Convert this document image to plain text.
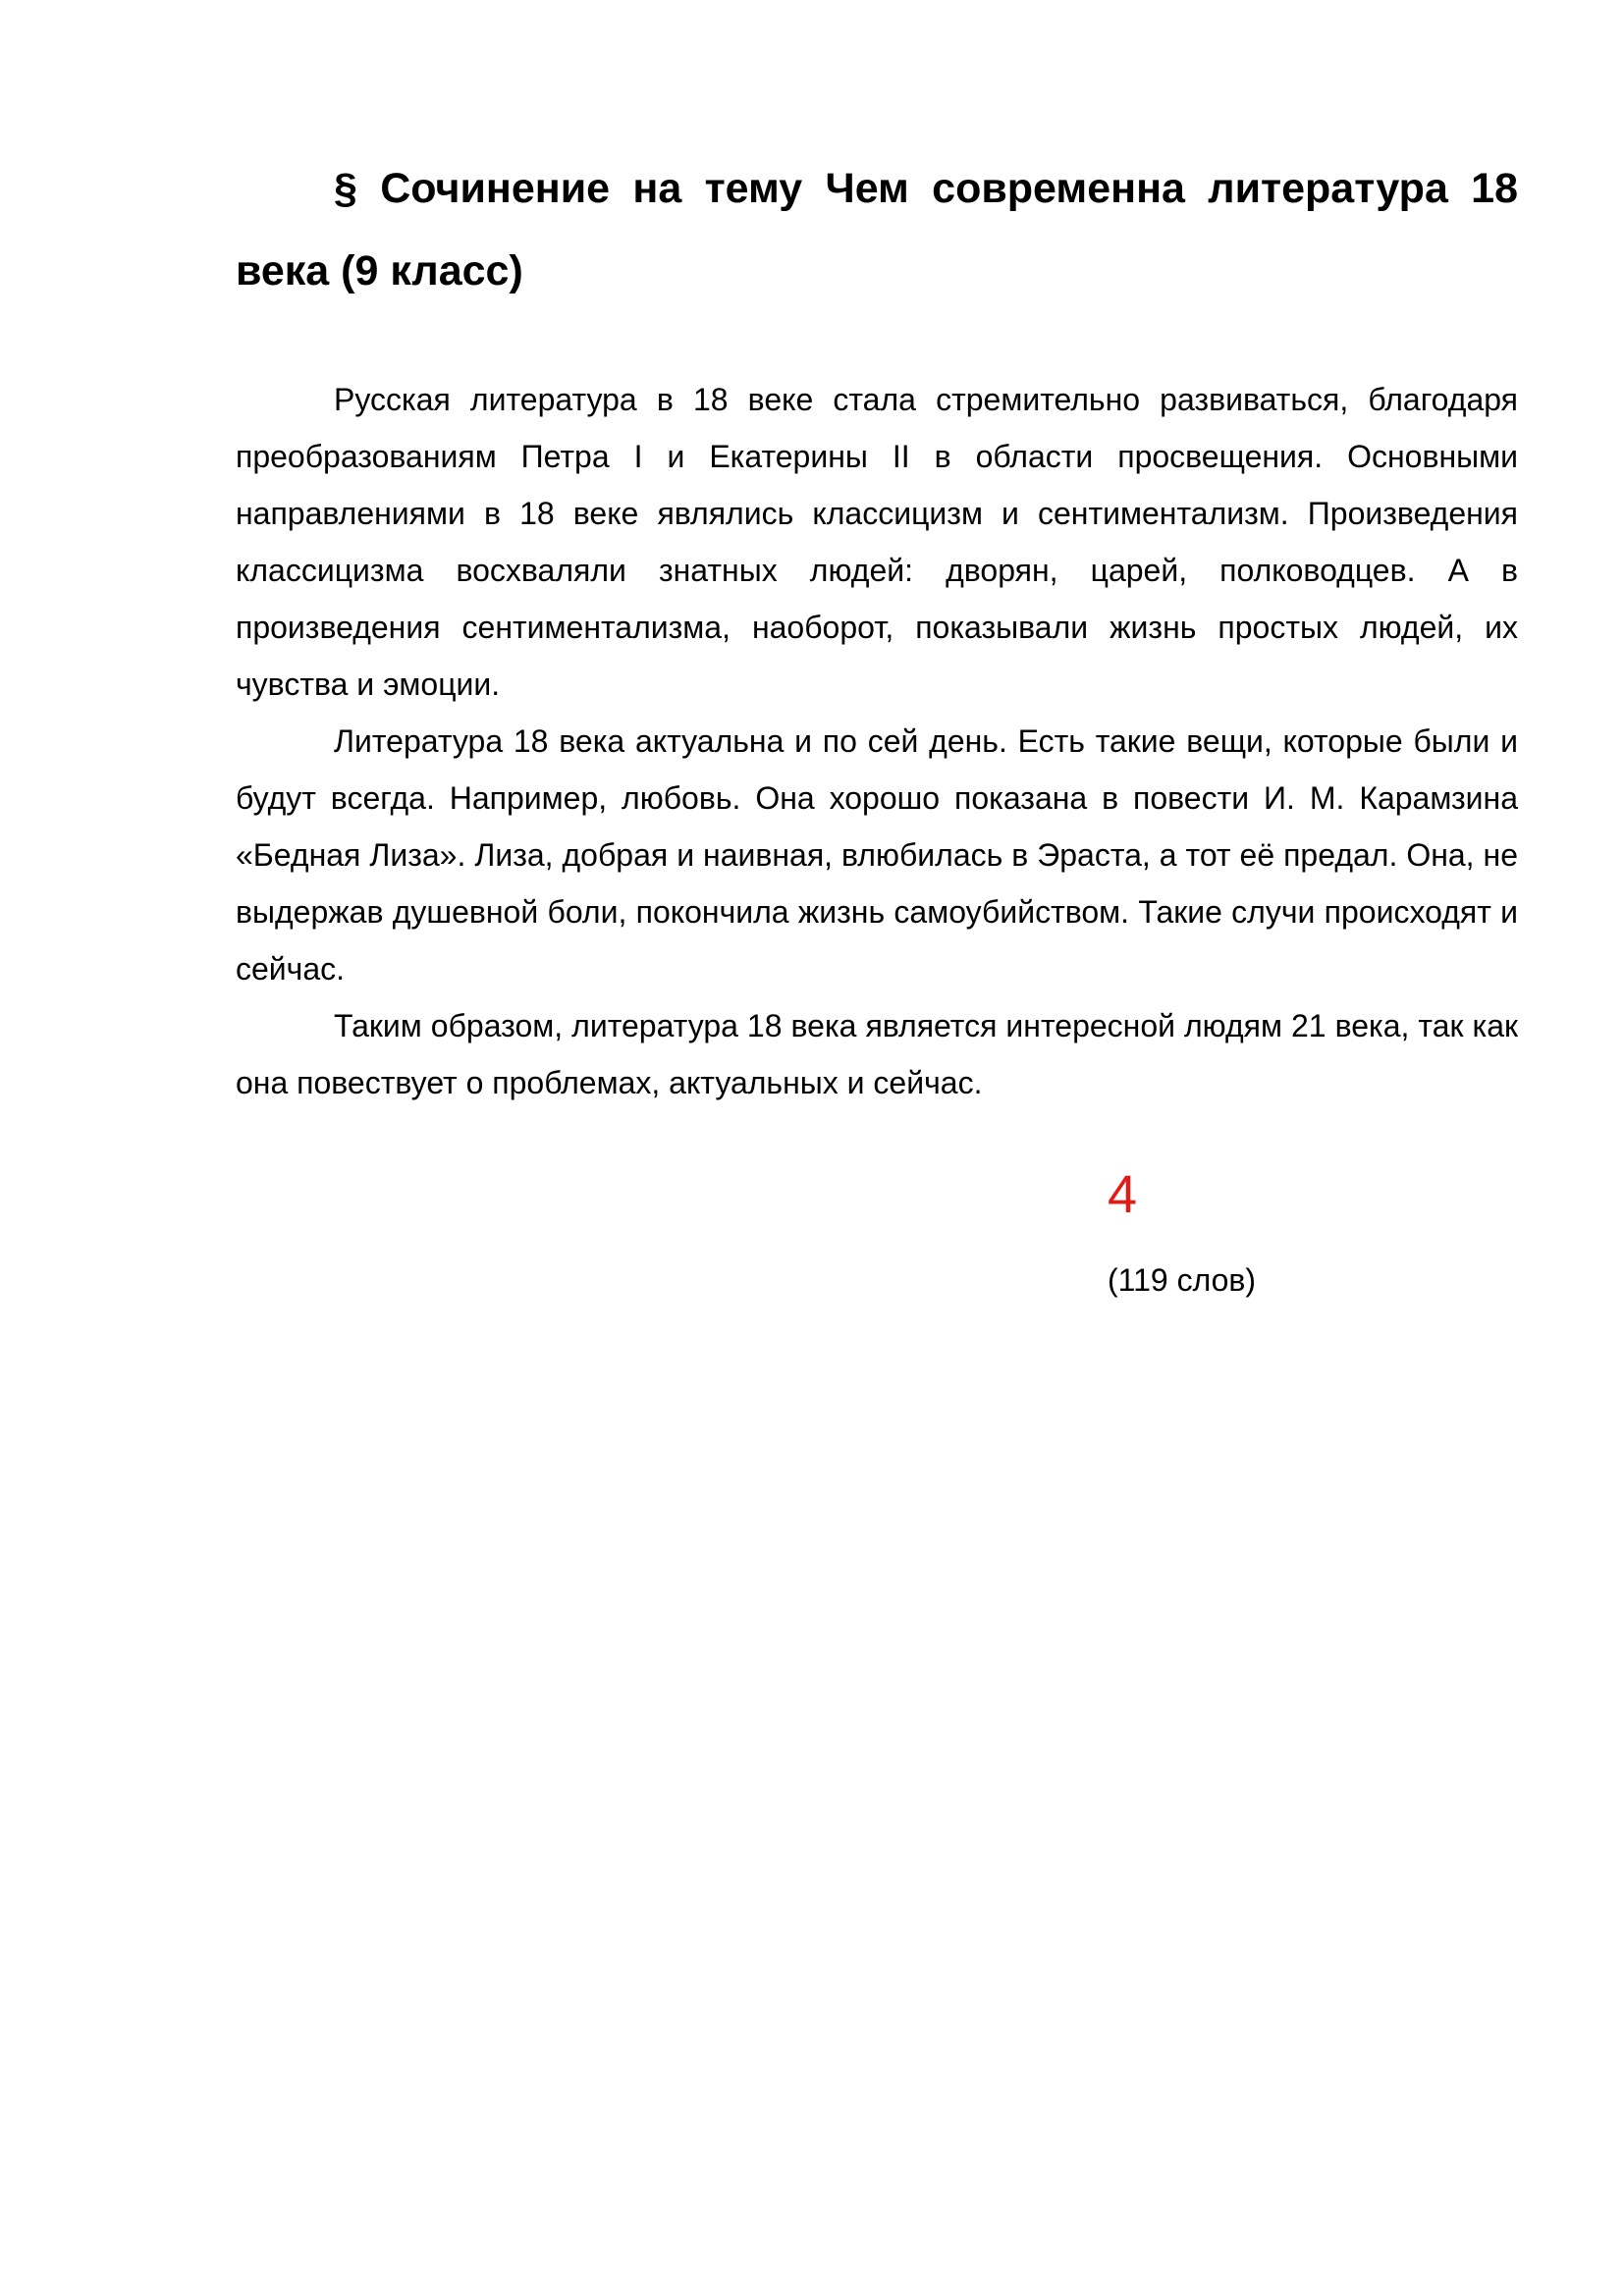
§ Сочинение на тему Чем современна литература 18 века (9 класс)

Русская литература в 18 веке стала стремительно развиваться, благодаря преобразованиям Петра I и Екатерины II в области просвещения. Основными направлениями в 18 веке являлись классицизм и сентиментализм. Произведения классицизма восхваляли знатных людей: дворян, царей, полководцев. А в произведения сентиментализма, наоборот, показывали жизнь простых людей, их чувства и эмоции.

Литература 18 века актуальна и по сей день. Есть такие вещи, которые были и будут всегда. Например, любовь. Она хорошо показана в повести И. М. Карамзина «Бедная Лиза». Лиза, добрая и наивная, влюбилась в Эраста, а тот её предал. Она, не выдержав душевной боли, покончила жизнь самоубийством. Такие случи происходят и сейчас.

Таким образом, литература 18 века является интересной людям 21 века, так как она повествует о проблемах, актуальных и сейчас.

4
(119 слов)
